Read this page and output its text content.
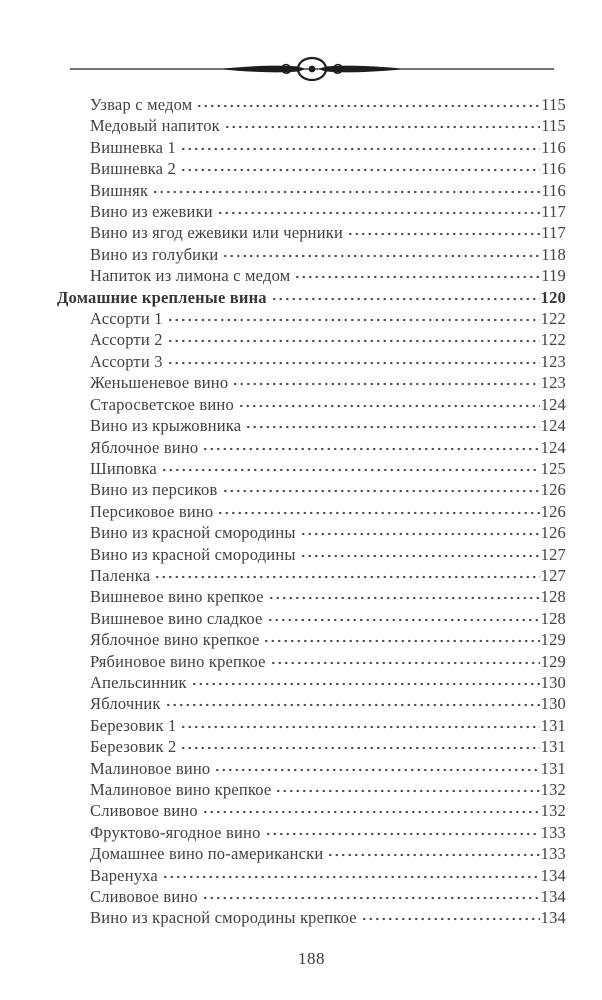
Узвар с медом	115
Медовый напиток	115
Вишневка 1	116
Вишневка 2	116
Вишняк	116
Вино из ежевики	117
Вино из ягод ежевики или черники	117
Вино из голубики	118
Напиток из лимона с медом	119
Домашние крепленые вина	120
Ассорти 1	122
Ассорти 2	122
Ассорти 3	123
Женьшеневое вино	123
Старосветское вино	124
Вино из крыжовника	124
Яблочное вино	124
Шиповка	125
Вино из персиков	126
Персиковое вино	126
Вино из красной смородины	126
Вино из красной смородины	127
Паленка	127
Вишневое вино крепкое	128
Вишневое вино сладкое	128
Яблочное вино крепкое	129
Рябиновое вино крепкое	129
Апельсинник	130
Яблочник	130
Березовик 1	131
Березовик 2	131
Малиновое вино	131
Малиновое вино крепкое	132
Сливовое вино	132
Фруктово-ягодное вино	133
Домашнее вино по-американски	133
Варенуха	134
Сливовое вино	134
Вино из красной смородины крепкое	134
188
